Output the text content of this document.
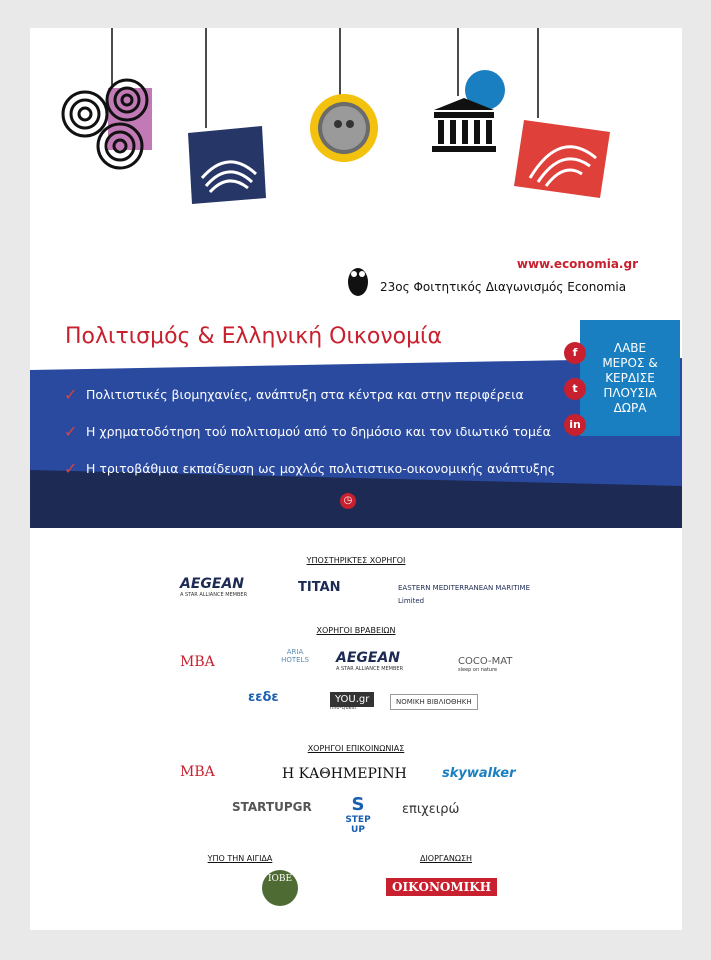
www.economia.gr
23ος Φοιτητικός Διαγωνισμός Economia
Πολιτισμός & Ελληνική Οικονομία
✓ Πολιτιστικές βιομηχανίες, ανάπτυξη στα κέντρα και στην περιφέρεια
✓ Η χρηματοδότηση τού πολιτισμού από το δημόσιο και τον ιδιωτικό τομέα
✓ Η τριτοβάθμια εκπαίδευση ως μοχλός πολιτιστικο-οικονομικής ανάπτυξης
◷ Καταληκτική Ημερομηνία Υποβολής: 31/03/2017
ΛΑΒΕ
ΜΕΡΟΣ &
ΚΕΡΔΙΣΕ
ΠΛΟΥΣΙΑ
ΔΩΡΑ
f
t
in
ΥΠΟΣΤΗΡΙΚΤΕΣ ΧΟΡΗΓΟΙ
AEGEAN
A STAR ALLIANCE MEMBER	TITAN	EASTERN MEDITERRANEAN MARITIME Limited
ΧΟΡΗΓΟΙ ΒΡΑΒΕΙΩΝ
MBA
ARIA HOTELS AEGEAN
A STAR ALLIANCE MEMBER
COCO-MAT
sleep on nature
εεδε	YOU.gr
Info-Quest
ΝΟΜΙΚΗ ΒΙΒΛΙΟΘΗΚΗ
ΧΟΡΗΓΟΙ ΕΠΙΚΟΙΝΩΝΙΑΣ
MBA	Η ΚΑΘΗΜΕΡΙΝΗ	skywalker
STARTUPGR	S
STEP UP
επιχειρώ
ΥΠΟ ΤΗΝ ΑΙΓΙΔΑ	ΔΙΟΡΓΑΝΩΣΗ
IOBE
ΟΙΚΟΝΟΜΙΚΗ
